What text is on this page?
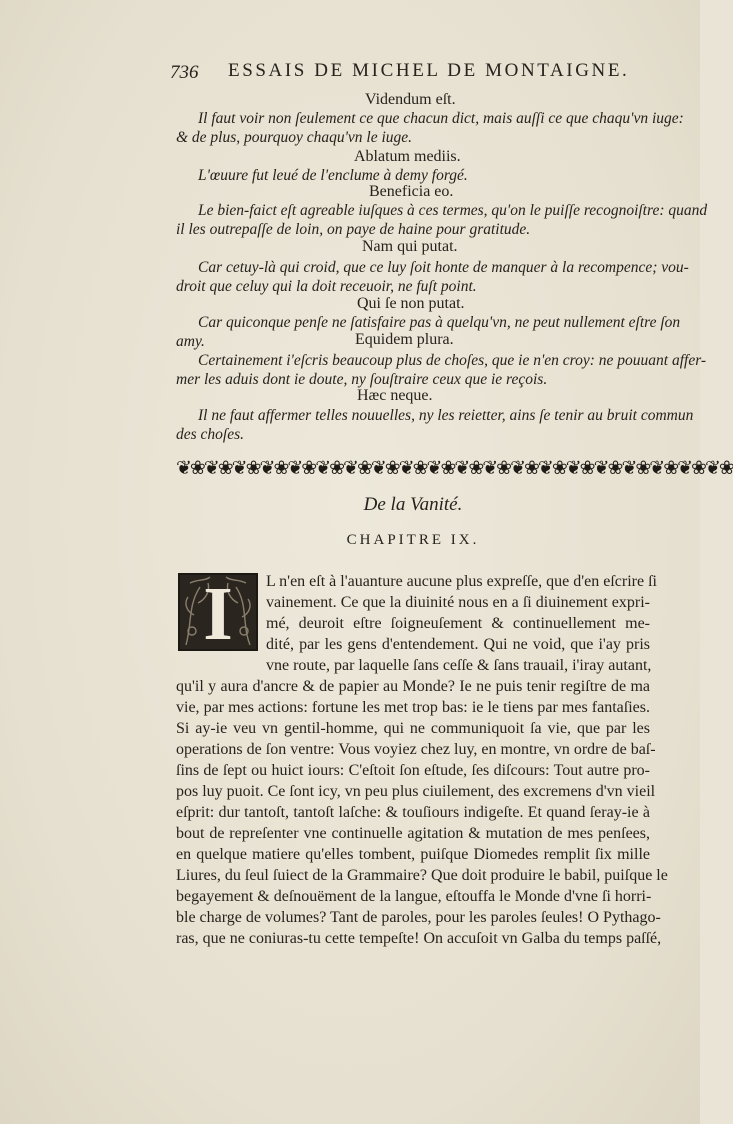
736 ESSAIS DE MICHEL DE MONTAIGNE.
Videndum eſt.
Il faut voir non ſeulement ce que chacun dict, mais auſſi ce que chaqu'vn iuge:
& de plus, pourquoy chaqu'vn le iuge.
Ablatum mediis.
L'œuure fut leué de l'enclume à demy forgé.
Beneficia eo.
Le bien-faict eſt agreable iuſques à ces termes, qu'on le puiſſe recognoiſtre: quand
il les outrepaſſe de loin, on paye de haine pour gratitude.
Nam qui putat.
Car cetuy-là qui croid, que ce luy ſoit honte de manquer à la recompence; vou-
droit que celuy qui la doit receuoir, ne fuſt point.
Qui ſe non putat.
Car quiconque penſe ne ſatisfaire pas à quelqu'vn, ne peut nullement eſtre ſon
amy.	Equidem plura.
Certainement i'eſcris beaucoup plus de choſes, que ie n'en croy: ne pouuant affer-
mer les aduis dont ie doute, ny ſouſtraire ceux que ie reçois.
Hæc neque.
Il ne faut affermer telles nouuelles, ny les reietter, ains ſe tenir au bruit commun
des choſes.
❦❀❦❀❦❀❦❀❦❀❦❀❦❀❦❀❦❀❦❀❦❀❦❀❦❀❦❀❦❀❦❀❦❀❦❀❦❀❦❀
De la Vanité.
CHAPITRE IX.
I	L n'en eſt à l'auanture aucune plus expreſſe, que d'en eſcrire ſi
vainement. Ce que la diuinité nous en a ſi diuinement expri-
mé, deuroit eſtre ſoigneuſement & continuellement me-
dité, par les gens d'entendement. Qui ne void, que i'ay pris
vne route, par laquelle ſans ceſſe & ſans trauail, i'iray autant,
qu'il y aura d'ancre & de papier au Monde? Ie ne puis tenir regiſtre de ma
vie, par mes actions: fortune les met trop bas: ie le tiens par mes fantaſies.
Si ay-ie veu vn gentil-homme, qui ne communiquoit ſa vie, que par les
operations de ſon ventre: Vous voyiez chez luy, en montre, vn ordre de baſ-
ſins de ſept ou huict iours: C'eſtoit ſon eſtude, ſes diſcours: Tout autre pro-
pos luy puoit. Ce ſont icy, vn peu plus ciuilement, des excremens d'vn vieil
eſprit: dur tantoſt, tantoſt laſche: & touſiours indigeſte. Et quand ſeray-ie à
bout de repreſenter vne continuelle agitation & mutation de mes penſees,
en quelque matiere qu'elles tombent, puiſque Diomedes remplit ſix mille
Liures, du ſeul ſuiect de la Grammaire? Que doit produire le babil, puiſque le
begayement & deſnouëment de la langue, eſtouffa le Monde d'vne ſi horri-
ble charge de volumes? Tant de paroles, pour les paroles ſeules! O Pythago-
ras, que ne coniuras-tu cette tempeſte! On accuſoit vn Galba du temps paſſé,
